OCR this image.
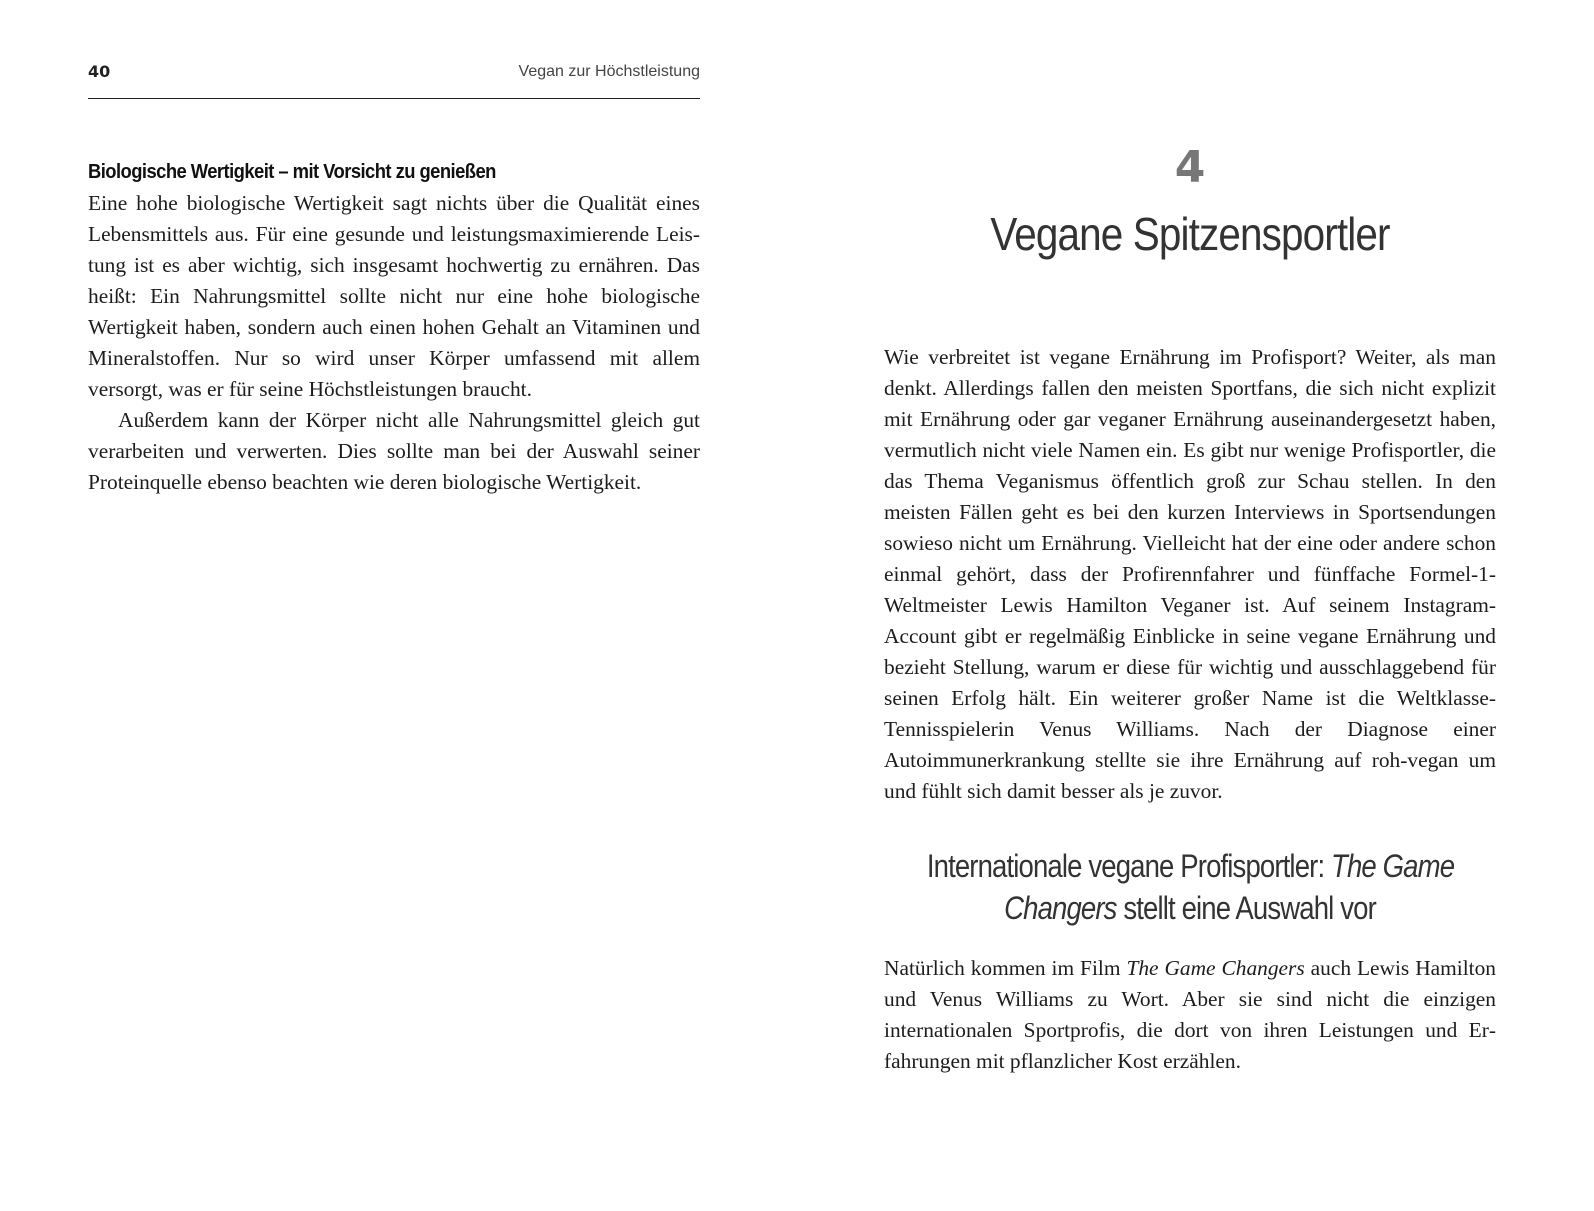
40	Vegan zur Höchstleistung
Biologische Wertigkeit – mit Vorsicht zu genießen

Eine hohe biologische Wertigkeit sagt nichts über die Qualität eines Lebensmittels aus. Für eine gesunde und leistungsmaximierende Leistung ist es aber wichtig, sich insgesamt hochwertig zu ernähren. Das heißt: Ein Nahrungsmittel sollte nicht nur eine hohe biologische Wertigkeit haben, sondern auch einen hohen Gehalt an Vitaminen und Mineralstoffen. Nur so wird unser Körper umfassend mit allem versorgt, was er für seine Höchstleistungen braucht.

Außerdem kann der Körper nicht alle Nahrungsmittel gleich gut verarbeiten und verwerten. Dies sollte man bei der Auswahl seiner Proteinquelle ebenso beachten wie deren biologische Wertigkeit.

4
Vegane Spitzensportler

Wie verbreitet ist vegane Ernährung im Profisport? Weiter, als man denkt. Allerdings fallen den meisten Sportfans, die sich nicht explizit mit Ernährung oder gar veganer Ernährung auseinandergesetzt haben, vermutlich nicht viele Namen ein. Es gibt nur wenige Profisportler, die das Thema Veganismus öffentlich groß zur Schau stellen. In den meisten Fällen geht es bei den kurzen Interviews in Sportsendungen sowieso nicht um Ernährung. Vielleicht hat der eine oder andere schon einmal gehört, dass der Profirennfahrer und fünffache Formel-1-Weltmeister Lewis Hamilton Veganer ist. Auf seinem Instagram-Account gibt er regelmäßig Einblicke in seine vegane Ernährung und bezieht Stellung, warum er diese für wichtig und ausschlaggebend für seinen Erfolg hält. Ein weiterer großer Name ist die Weltklasse-Tennisspielerin Venus Williams. Nach der Diagnose einer Autoimmunerkrankung stellte sie ihre Ernährung auf roh-vegan um und fühlt sich damit besser als je zuvor.

Internationale vegane Profisportler: The Game
Changers stellt eine Auswahl vor

Natürlich kommen im Film The Game Changers auch Lewis Hamilton und Venus Williams zu Wort. Aber sie sind nicht die einzigen internationalen Sportprofis, die dort von ihren Leistungen und Erfahrungen mit pflanzlicher Kost erzählen.
